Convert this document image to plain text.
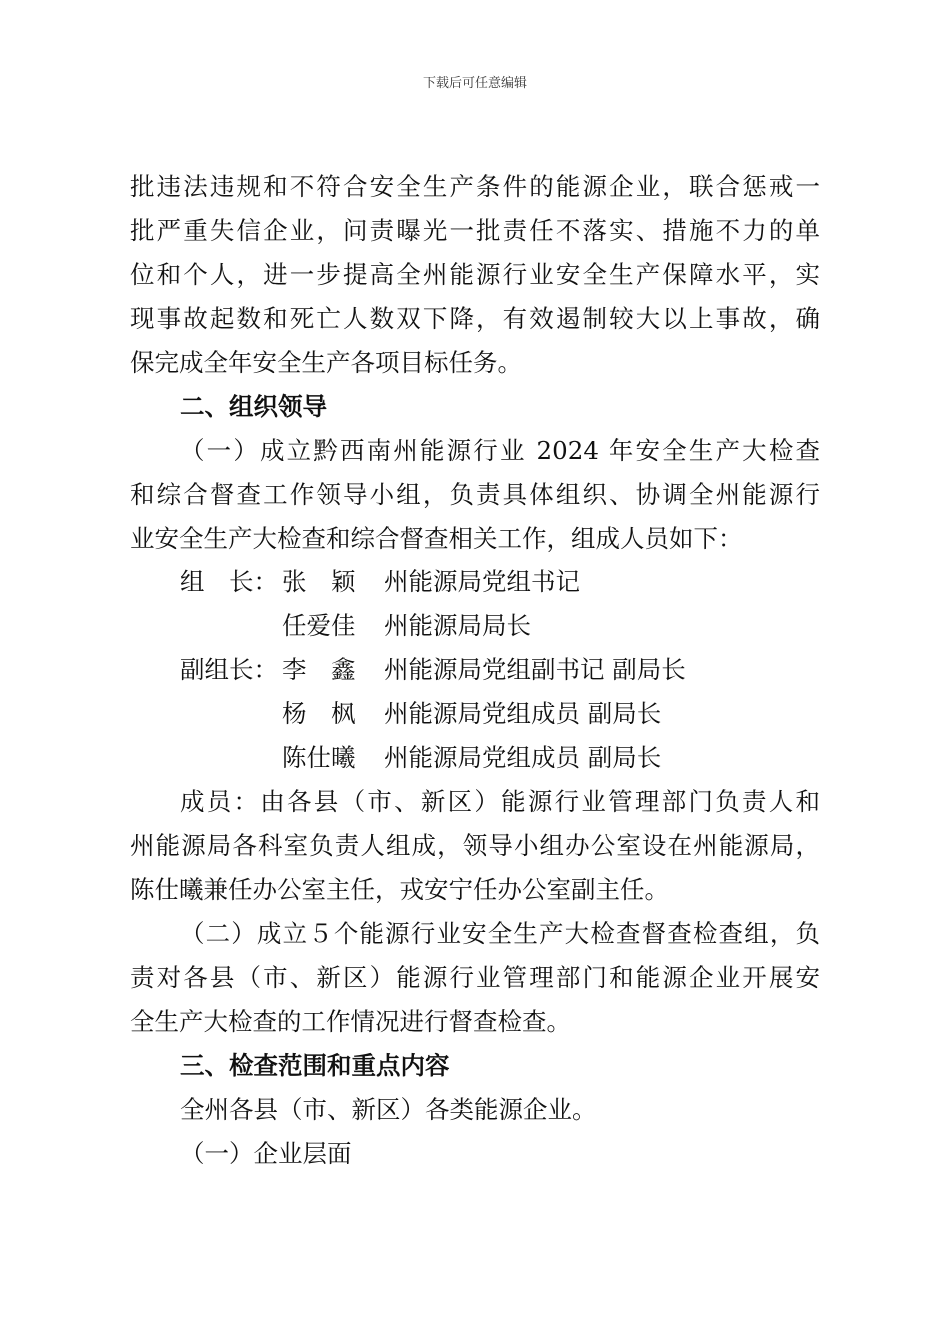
下载后可任意编辑
批违法违规和不符合安全生产条件的能源企业，联合惩戒一
批严重失信企业，问责曝光一批责任不落实、措施不力的单
位和个人，进一步提高全州能源行业安全生产保障水平，实
现事故起数和死亡人数双下降，有效遏制较大以上事故，确
保完成全年安全生产各项目标任务。
二、组织领导
（一）成立黔西南州能源行业 2024 年安全生产大检查
和综合督查工作领导小组，负责具体组织、协调全州能源行
业安全生产大检查和综合督查相关工作，组成人员如下：
组　长： 张　颖 州能源局党组书记
任爱佳 州能源局局长
副组长： 李　鑫 州能源局党组副书记 副局长
杨　枫 州能源局党组成员 副局长
陈仕曦 州能源局党组成员 副局长
成员：由各县（市、新区）能源行业管理部门负责人和
州能源局各科室负责人组成，领导小组办公室设在州能源局，
陈仕曦兼任办公室主任，戎安宁任办公室副主任。
（二）成立５个能源行业安全生产大检查督查检查组，负
责对各县（市、新区）能源行业管理部门和能源企业开展安
全生产大检查的工作情况进行督查检查。
三、检查范围和重点内容
全州各县（市、新区）各类能源企业。
（一）企业层面
